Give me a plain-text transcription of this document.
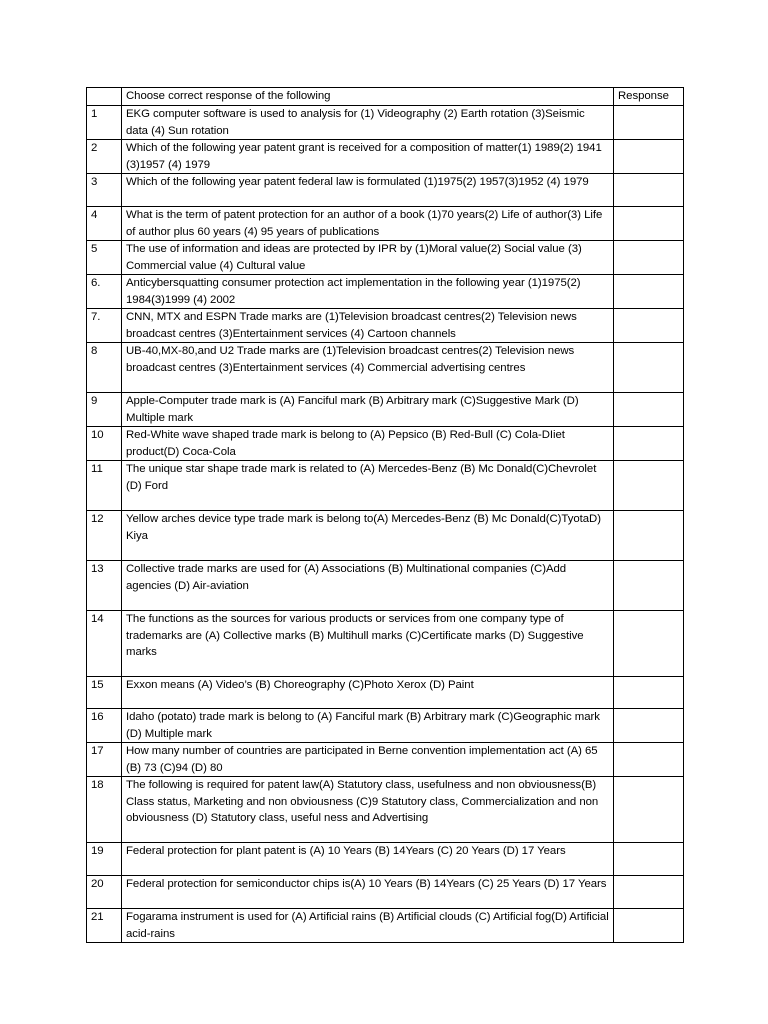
	Choose correct response of the following	Response
1	EKG computer software is used to analysis for (1) Videography (2) Earth rotation (3)Seismic data (4) Sun rotation	
2	Which of the following year patent grant is received for a composition of matter(1) 1989(2) 1941 (3)1957 (4) 1979	
3	Which of the following year patent federal law is formulated (1)1975(2) 1957(3)1952 (4) 1979	
4	What is the term of patent protection for an author of a book (1)70 years(2) Life of author(3) Life of author plus 60 years (4) 95 years of publications	
5	The use of information and ideas are protected by IPR by (1)Moral value(2) Social value (3) Commercial value (4) Cultural value	
6.	Anticybersquatting consumer protection act implementation in the following year (1)1975(2) 1984(3)1999 (4) 2002	
7.	CNN, MTX and ESPN Trade marks are (1)Television broadcast centres(2) Television news broadcast centres (3)Entertainment services (4) Cartoon channels	
8	UB-40,MX-80,and U2 Trade marks are (1)Television broadcast centres(2) Television news broadcast centres (3)Entertainment services (4) Commercial advertising centres	
9	Apple-Computer trade mark is (A) Fanciful mark (B) Arbitrary mark (C)Suggestive Mark (D) Multiple mark	
10	Red-White wave shaped trade mark is belong to (A) Pepsico (B) Red-Bull (C) Cola-DIiet product(D) Coca-Cola	
11	The unique star shape trade mark is related to (A) Mercedes-Benz (B) Mc Donald(C)Chevrolet (D) Ford	
12	Yellow arches device type trade mark is belong to(A) Mercedes-Benz (B) Mc Donald(C)TyotaD) Kiya	
13	Collective trade marks are used for (A) Associations (B) Multinational companies (C)Add agencies (D) Air-aviation	
14	The functions as the sources for various products or services from one company type of trademarks are (A) Collective marks (B) Multihull marks (C)Certificate marks (D) Suggestive marks	
15	Exxon means (A) Video’s (B) Choreography (C)Photo Xerox (D) Paint	
16	Idaho (potato) trade mark is belong to (A) Fanciful mark (B) Arbitrary mark (C)Geographic mark (D) Multiple mark	
17	How many number of countries are participated in Berne convention implementation act (A) 65 (B) 73 (C)94 (D) 80	
18	The following is required for patent law(A) Statutory class, usefulness and non obviousness(B) Class status, Marketing and non obviousness (C)9 Statutory class, Commercialization and non obviousness (D) Statutory class, useful ness and Advertising	
19	Federal protection for plant patent is (A) 10 Years (B) 14Years (C) 20 Years (D) 17 Years	
20	Federal protection for semiconductor chips is(A) 10 Years (B) 14Years (C) 25 Years (D) 17 Years	
21	Fogarama instrument is used for (A) Artificial rains (B) Artificial clouds (C) Artificial fog(D) Artificial acid-rains	
